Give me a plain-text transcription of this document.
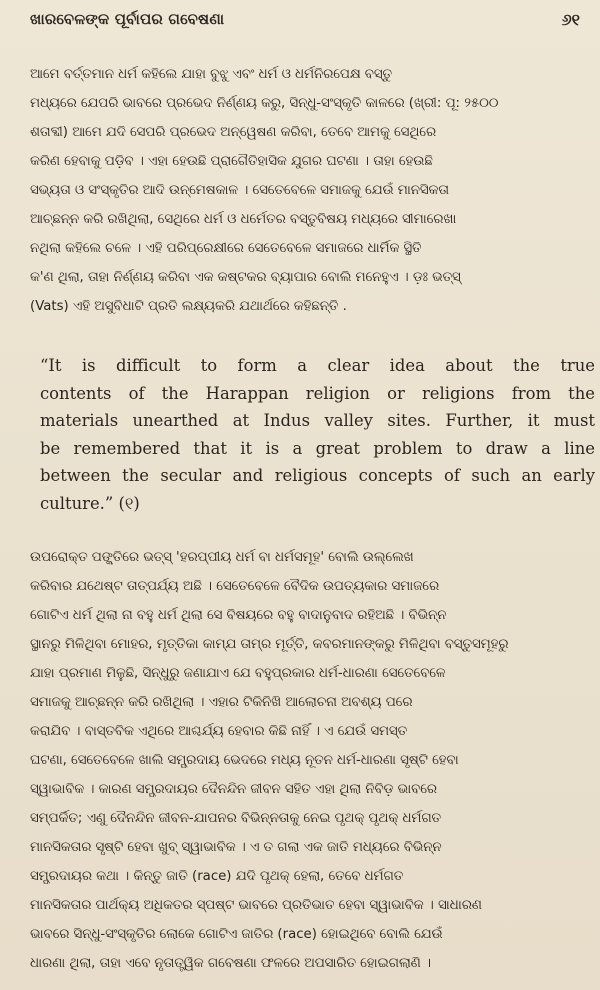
ଖାରବେଳଙ୍କ ପୂର୍ବାପର ଗବେଷଣା	୬୧
ଆମେ ବର୍ତ୍ତମାନ ଧର୍ମ କହିଲେ ଯାହା ବୁଝୁ ଏବଂ ଧର୍ମ ଓ ଧର୍ମନିରପେକ୍ଷ ବସ୍ତୁ
ମଧ୍ୟରେ ଯେପରି ଭାବରେ ପ୍ରଭେଦ ନିର୍ଣ୍ଣୟ କରୁ, ସିନ୍ଧୁ-ସଂସ୍କୃତି କାଳରେ (ଖ୍ରୀ: ପୂ: ୨୫୦୦
ଶତାବ୍ଦୀ) ଆମେ ଯଦି ସେପରି ପ୍ରଭେଦ ଅନ୍ୱେଷଣ କରିବା, ତେବେ ଆମକୁ ସେଥିରେ
କରିଣ ହେବାକୁ ପଡ଼ିବ । ଏହା ହେଉଛି ପ୍ରାଗୈତିହାସିକ ଯୁଗର ଘଟଣା । ତାହା ହେଉଛି
ସଭ୍ୟତା ଓ ସଂସ୍କୃତିର ଆଦି ଉନ୍ମେଷକାଳ । ସେତେବେଳେ ସମାଜକୁ ଯେଉଁ ମାନସିକତା
ଆଚ୍ଛନ୍ନ କରି ରଖିଥିଲା, ସେଥିରେ ଧର୍ମ ଓ ଧର୍ମେତର ବସ୍ତୁବିଷୟ ମଧ୍ୟରେ ସୀମାରେଖା
ନଥିଲା କହିଲେ ଚଳେ । ଏହି ପରିପ୍ରେକ୍ଷୀରେ ସେତେବେଳେ ସମାଜରେ ଧାର୍ମିକ ସ୍ଥିତି
କ'ଣ ଥିଲା, ତାହା ନିର୍ଣ୍ଣୟ କରିବା ଏକ କଷ୍ଟକର ବ୍ୟାପାର ବୋଲି ମନେହୁଏ । ଡ଼ଃ ଭତ୍ସ୍
(Vats) ଏହି ଅସୁବିଧାଟି ପ୍ରତି ଲକ୍ଷ୍ୟକରି ଯଥାର୍ଥରେ କହିଛନ୍ତି .
“It is difficult to form a clear idea about the true
contents of the Harappan religion or religions from the
materials unearthed at Indus valley sites. Further, it must
be remembered that it is a great problem to draw a line
between the secular and religious concepts of such an early
culture.” (୧)
ଉପରୋକ୍ତ ପଙ୍କ୍ତିରେ ଭତ୍ସ୍ 'ହରପ୍ପୀୟ ଧର୍ମ ବା ଧର୍ମସମୂହ' ବୋଲି ଉଲ୍ଲେଖ
କରିବାର ଯଥେଷ୍ଟ ତାତ୍ପର୍ଯ୍ୟ ଅଛି । ସେତେବେଳେ ବୈଦିକ ଉପତ୍ୟକାର ସମାଜରେ
ଗୋଟିଏ ଧର୍ମ ଥିଲା ନା ବହୁ ଧର୍ମ ଥିଲା ସେ ବିଷୟରେ ବହୁ ବାଦାନୁବାଦ ରହିଅଛି । ବିଭିନ୍ନ
ସ୍ଥାନରୁ ମିଳିଥିବା ମୋହର, ମୃତ୍ତିକା କାମ୍ଯ ତାମ୍ର ମୂର୍ତ୍ତି, କବରମାନଙ୍କରୁ ମିଳିଥିବା ବସ୍ତୁସମୂହରୁ
ଯାହା ପ୍ରମାଣ ମିଳୁଛି, ସିନ୍ଧୁରୁ ଜଣାଯାଏ ଯେ ବହୁପ୍ରକାର ଧର୍ମ-ଧାରଣା ସେତେବେଳେ
ସମାଜକୁ ଆଚ୍ଛନ୍ନ କରି ରଖିଥିଲା । ଏହାର ଟିକିନିଖି ଆଲୋଚନା ଅବଶ୍ୟ ପରେ
କରାଯିବ । ବାସ୍ତବିକ ଏଥିରେ ଆଶ୍ଚର୍ଯ୍ୟ ହେବାର କିଛି ନାହିଁ । ଏ ଯେଉଁ ସମସ୍ତ
ଘଟଣା, ସେତେବେଳେ ଖାଲି ସମ୍ପ୍ରଦାୟ ଭେଦରେ ମଧ୍ୟ ନୂତନ ଧର୍ମ-ଧାରଣା ସୃଷ୍ଟି ହେବା
ସ୍ୱାଭାବିକ । କାରଣ ସମ୍ପ୍ରଦାୟର ଦୈନନ୍ଦିନ ଜୀବନ ସହିତ ଏହା ଥିଲା ନିବିଡ଼ ଭାବରେ
ସମ୍ପର୍କିତ; ଏଣୁ ଦୈନନ୍ଦିନ ଜୀବନ-ଯାପନର ବିଭିନ୍ନତାକୁ ନେଇ ପୃଥକ୍ ପୃଥକ୍ ଧର୍ମଗତ
ମାନସିକତାର ସୃଷ୍ଟି ହେବା ଖୁବ୍ ସ୍ୱାଭାବିକ । ଏ ତ ଗଲା ଏକ ଜାତି ମଧ୍ୟରେ ବିଭିନ୍ନ
ସମ୍ପ୍ରଦାୟର କଥା । କିନ୍ତୁ ଜାତି (race) ଯଦି ପୃଥକ୍ ହେଲା, ତେବେ ଧର୍ମଗତ
ମାନସିକତାର ପାର୍ଥକ୍ୟ ଅଧିକତର ସ୍ପଷ୍ଟ ଭାବରେ ପ୍ରତିଭାତ ହେବା ସ୍ୱାଭାବିକ । ସାଧାରଣ
ଭାବରେ ସିନ୍ଧୁ-ସଂସ୍କୃତିର ଲୋକେ ଗୋଟିଏ ଜାତିର (race) ହୋଇଥିବେ ବୋଲି ଯେଉଁ
ଧାରଣା ଥିଲା, ତାହା ଏବେ ନୃତାତ୍ତ୍ୱିକ ଗବେଷଣା ଫଳରେ ଅପସାରିତ ହୋଇଗଲାଣି ।
